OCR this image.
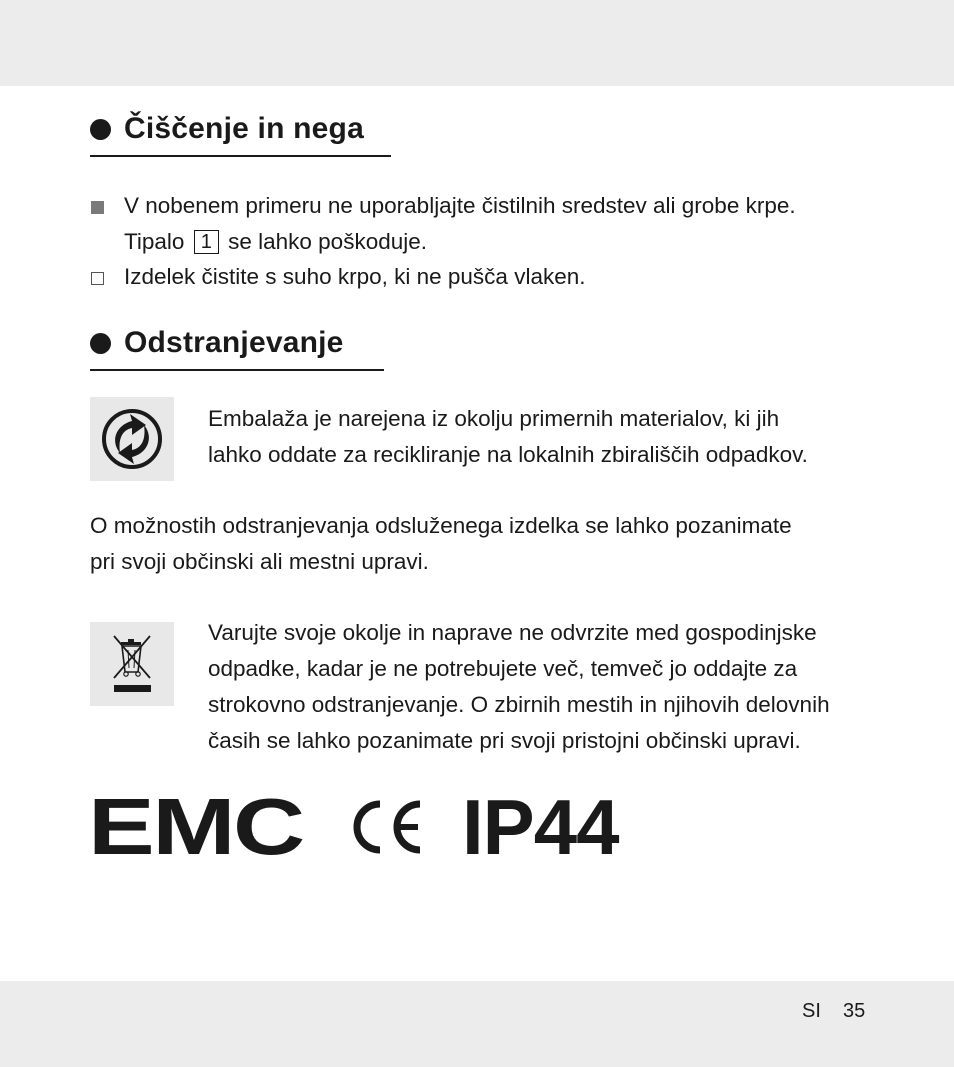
Čiščenje in nega
V nobenem primeru ne uporabljajte čistilnih sredstev ali grobe krpe.
Tipalo 1 se lahko poškoduje.
Izdelek čistite s suho krpo, ki ne pušča vlaken.
Odstranjevanje
Embalaža je narejena iz okolju primernih materialov, ki jih
lahko oddate za recikliranje na lokalnih zbirališčih odpadkov.
O možnostih odstranjevanja odsluženega izdelka se lahko pozanimate
pri svoji občinski ali mestni upravi.
Varujte svoje okolje in naprave ne odvrzite med gospodinjske
odpadke, kadar je ne potrebujete več, temveč jo oddajte za
strokovno odstranjevanje. O zbirnih mestih in njihovih delovnih
časih se lahko pozanimate pri svoji pristojni občinski upravi.
EMC	IP44
SI 35
